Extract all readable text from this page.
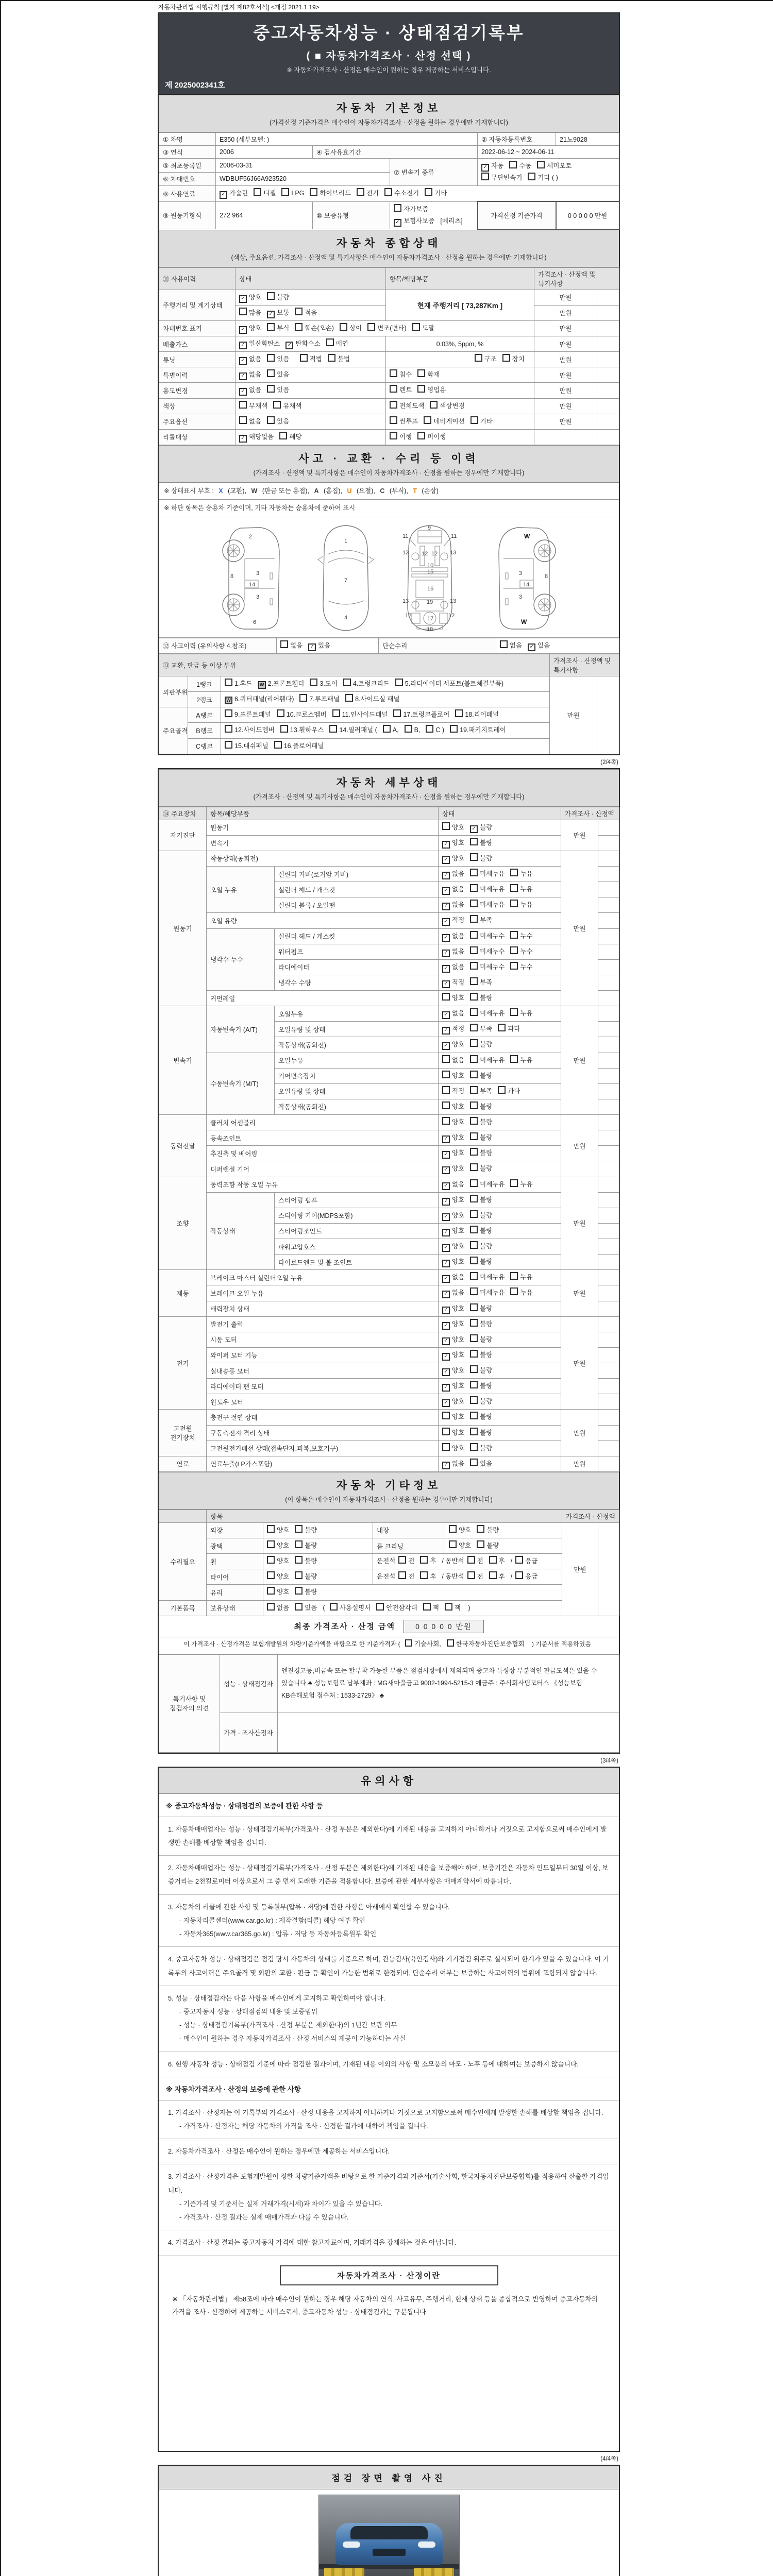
자동차관리법 시행규칙 [별지 제82호서식] <개정 2021.1.19>
중고자동차성능 · 상태점검기록부
( ■ 자동차가격조사 · 산정 선택 )
※ 자동차가격조사 · 산정은 매수인이 원하는 경우 제공하는 서비스입니다.
제 2025002341호
자동차 기본정보
(가격산정 기준가격은 매수인이 자동차가격조사 · 산정을 원하는 경우에만 기재합니다)
① 차명	E350 (세부모델: )			② 자동차등록번호	21노9028
③ 연식	2006	④ 검사유효기간		2022-06-12 ~ 2024-06-11	
⑤ 최초등록일	2006-03-31		⑦ 변속기 종류	✓자동 수동 세미오토무단변속기 기타 ( )
⑥ 차대번호	WDBUF56J66A923520				
⑧ 사용연료	✓가솔린 디젤 LPG 하이브리드 전기 수소전기 기타
⑨ 원동기형식	272 964	⑩ 보증유형	자가보증✓보험사보증 [메리츠]	가격산정 기준가격	0 0 0 0 0 만원
자동차 종합상태
(색상, 주요옵션, 가격조사 · 산정액 및 특기사항은 매수인이 자동차가격조사 · 산정을 원하는 경우에만 기재합니다)
⑪ 사용이력	상태	항목/해당부품	가격조사 · 산정액 및 특기사항	
주행거리 및 계기상태	✓양호 불량	현재 주행거리 [ 73,287Km ]	만원	
	많음 ✓ 보통 적음		만원	
차대번호 표기	✓양호 부식 훼손(오손) 상이 변조(변타) 도말		만원	
배출가스	✓일산화탄소 ✓ 탄화수소 매연	0.03%, 5ppm, %	만원	
튜닝	✓없음 있음 적법 불법	구조 장치	만원	
특별이력	✓없음 있음	침수 화재	만원	
용도변경	✓없음 있음	렌트 영업용	만원	
색상	무채색 유채색	전체도색 색상변경	만원	
주요옵션	없음 있음	썬루프 네비게이션 기타	만원	
리콜대상	✓해당없음 해당	이행 미이행		
사고 · 교환 · 수리 등 이력
(가격조사 · 산정액 및 특기사항은 매수인이 자동차가격조사 · 산정을 원하는 경우에만 기재합니다)
※ 상태표시 부호 : X (교환), W (판금 또는 용접), A (흠집), U (요철), C (부식), T (손상)
※ 하단 항목은 승용차 기준이며, 기타 자동차는 승용차에 준하여 표시
2
8	3
14
3
6
1
7
4
11	11
9
13 12 12 13
10
15
16
13	19	13
12	17	12
18
W
8
3
14
3
W
⑫ 사고이력 (유의사항 4.참조)	없음 ✓ 있음	단순수리	없음 ✓ 있음
⑬ 교환, 판금 등 이상 부위			가격조사 · 산정액 및 특기사항	
외판부위	1랭크	1.후드 W 2.프론트휀더 3.도어 4.트렁크리드 5.라디에이터 서포트(볼트체결부품)	만원	
	2랭크	W 6.쿼터패널(리어휀다) 7.루프패널 8.사이드실 패널		
주요골격	A랭크	9.프론트패널 10.크로스멤버 11.인사이드패널 17.트렁크플로어 18.리어패널		
	B랭크	12.사이드멤버 13.휠하우스 14.필러패널 ( A, B, C ) 19.패키지트레이		
	C랭크	15.대쉬패널 16.플로어패널		
(2/4쪽)
자동차 세부상태
(가격조사 · 산정액 및 특기사항은 매수인이 자동차가격조사 · 산정을 원하는 경우에만 기재합니다)
⑭ 주요장치	항목/해당부품		상태	가격조사 · 산정액	
자기진단	원동기		양호 ✓ 불량	만원	
	변속기	✓양호 불량	
원동기	작동상태(공회전)	✓양호 불량	만원	
	오일 누유	실린더 커버(로커암 커버)	✓없음 미세누유 누유	
		실린더 헤드 / 개스킷	✓없음 미세누유 누유	
		실린더 블록 / 오일팬	✓없음 미세누유 누유	
	오일 유량	✓적정 부족	
	냉각수 누수	실린더 헤드 / 개스킷	✓없음 미세누수 누수	
		워터펌프	✓없음 미세누수 누수	
		라디에이터	✓없음 미세누수 누수	
		냉각수 수량	✓적정 부족	
	커먼레일		양호 불량		
변속기	자동변속기 (A/T)	오일누유	✓없음 미세누유 누유	만원	
		오일유량 및 상태	✓적정 부족 과다	
		작동상태(공회전)	✓양호 불량	
	수동변속기 (M/T)	오일누유	없음 미세누유 누유		
		기어변속장치	양호 불량		
		오일유량 및 상태	적정 부족 과다		
		작동상태(공회전)	양호 불량		
동력전달	클러치 어셈블리		양호 불량	만원	
	등속조인트	✓양호 불량	
	추진축 및 베어링	✓양호 불량	
	디퍼렌셜 기어	✓양호 불량	
조향	동력조향 작동 오일 누유	✓없음 미세누유 누유	만원	
	작동상태	스티어링 펌프	✓양호 불량	
		스티어링 기어(MDPS포함)	✓양호 불량	
		스티어링조인트	✓양호 불량	
		파워고압호스	✓양호 불량	
		타이로드엔드 및 볼 조인트	✓양호 불량	
제동	브레이크 마스터 실린더오일 누유	✓없음 미세누유 누유	만원	
	브레이크 오일 누유	✓없음 미세누유 누유	
	배력장치 상태	✓양호 불량	
전기	발전기 출력	✓양호 불량	만원	
	시동 모터	✓양호 불량	
	와이퍼 모터 기능	✓양호 불량	
	실내송풍 모터	✓양호 불량	
	라디에이터 팬 모터	✓양호 불량	
	윈도우 모터	✓양호 불량	
고전원 전기장치	충전구 절연 상태		양호 불량	만원	
	구동축전지 격리 상태		양호 불량		
	고전원전기배선 상태(접속단자,피복,보호기구)		양호 불량		
연료	연료누출(LP가스포함)	✓없음 있음	만원	
자동차 기타정보
(이 항목은 매수인이 자동차가격조사 · 산정을 원하는 경우에만 기재합니다)
	항목				가격조사 · 산정액	
수리필요	외장	양호 불량	내장	양호 불량	만원	
	광택	양호 불량	룸 크리닝	양호 불량		
	휠	양호 불량	운전석 전 후 / 동반석 전 후 / 응급			
	타이어	양호 불량	운전석 전 후 / 동반석 전 후 / 응급			
	유리	양호 불량				
기본품목	보유상태	없음 있음 ( 사용설명서 안전삼각대 잭 잭 )				
최종 가격조사 · 산정 금액	0 0 0 0 0 만원
이 가격조사 · 산정가격은 보험개발원의 차량기준가액을 바탕으로 한 기준가격과 ( 기술사회, 한국자동차진단보증협회 ) 기준서를 적용하였음
특기사항 및 점검자의 의견	성능 · 상태점검자	엔진경고등,비금속 또는 탈부착 가능한 부품은 점검사항에서 제외되며 중고차 특성상 부분적인 판금도색은 있을 수 있습니다.♣ 성능보험료 납부계좌 : MG새마을금고 9002-1994-5215-3 예금주 : 주식회사팀모터스 《성능보험 KB손해보험 접수처 : 1533-2729》 ♣
	가격 · 조사산정자	
(3/4쪽)
유의사항
※ 중고자동차성능 · 상태점검의 보증에 관한 사항 등
1. 자동차매매업자는 성능 · 상태점검기록부(가격조사 · 산정 부분은 제외한다)에 기재된 내용을 고지하지 아니하거나 거짓으로 고지함으로써 매수인에게 발생한 손해를 배상할 책임을 집니다.
2. 자동차매매업자는 성능 · 상태점검기록부(가격조사 · 산정 부분은 제외한다)에 기재된 내용을 보증해야 하며, 보증기간은 자동차 인도일부터 30일 이상, 보증거리는 2천킬로미터 이상으로서 그 중 먼저 도래한 기준을 적용합니다. 보증에 관한 세부사항은 매매계약서에 따릅니다.
3. 자동차의 리콜에 관한 사항 및 등록원부(압류 · 저당)에 관한 사항은 아래에서 확인할 수 있습니다.
- 자동차리콜센터(www.car.go.kr) : 제작결함(리콜) 해당 여부 확인
- 자동차365(www.car365.go.kr) : 압류 · 저당 등 자동차등록원부 확인
4. 중고자동차 성능 · 상태점검은 점검 당시 자동차의 상태를 기준으로 하며, 관능검사(육안검사)와 기기점검 위주로 실시되어 한계가 있을 수 있습니다. 이 기록부의 사고이력은 주요골격 및 외판의 교환 · 판금 등 확인이 가능한 범위로 한정되며, 단순수리 여부는 보증하는 사고이력의 범위에 포함되지 않습니다.
5. 성능 · 상태점검자는 다음 사항을 매수인에게 고지하고 확인하여야 합니다.
- 중고자동차 성능 · 상태점검의 내용 및 보증범위
- 성능 · 상태점검기록부(가격조사 · 산정 부분은 제외한다)의 1년간 보관 의무
- 매수인이 원하는 경우 자동차가격조사 · 산정 서비스의 제공이 가능하다는 사실
6. 현행 자동차 성능 · 상태점검 기준에 따라 점검한 결과이며, 기재된 내용 이외의 사항 및 소모품의 마모 · 노후 등에 대하여는 보증하지 않습니다.
※ 자동차가격조사 · 산정의 보증에 관한 사항
1. 가격조사 · 산정자는 이 기록부의 가격조사 · 산정 내용을 고지하지 아니하거나 거짓으로 고지함으로써 매수인에게 발생한 손해를 배상할 책임을 집니다.
- 가격조사 · 산정자는 해당 자동차의 가격을 조사 · 산정한 결과에 대하여 책임을 집니다.
2. 자동차가격조사 · 산정은 매수인이 원하는 경우에만 제공하는 서비스입니다.
3. 가격조사 · 산정가격은 보험개발원이 정한 차량기준가액을 바탕으로 한 기준가격과 기준서(기술사회, 한국자동차진단보증협회)를 적용하여 산출한 가격입니다.
- 기준가격 및 기준서는 실제 거래가격(시세)과 차이가 있을 수 있습니다.
- 가격조사 · 산정 결과는 실제 매매가격과 다를 수 있습니다.
4. 가격조사 · 산정 결과는 중고자동차 가격에 대한 참고자료이며, 거래가격을 강제하는 것은 아닙니다.
자동차가격조사 · 산정이란
※ 「자동차관리법」 제58조에 따라 매수인이 원하는 경우 해당 자동차의 연식, 사고유무, 주행거리, 현재 상태 등을 종합적으로 반영하여 중고자동차의 가격을 조사 · 산정하여 제공하는 서비스로서, 중고자동차 성능 · 상태점검과는 구분됩니다.
(4/4쪽)
점검 장면 촬영 사진
